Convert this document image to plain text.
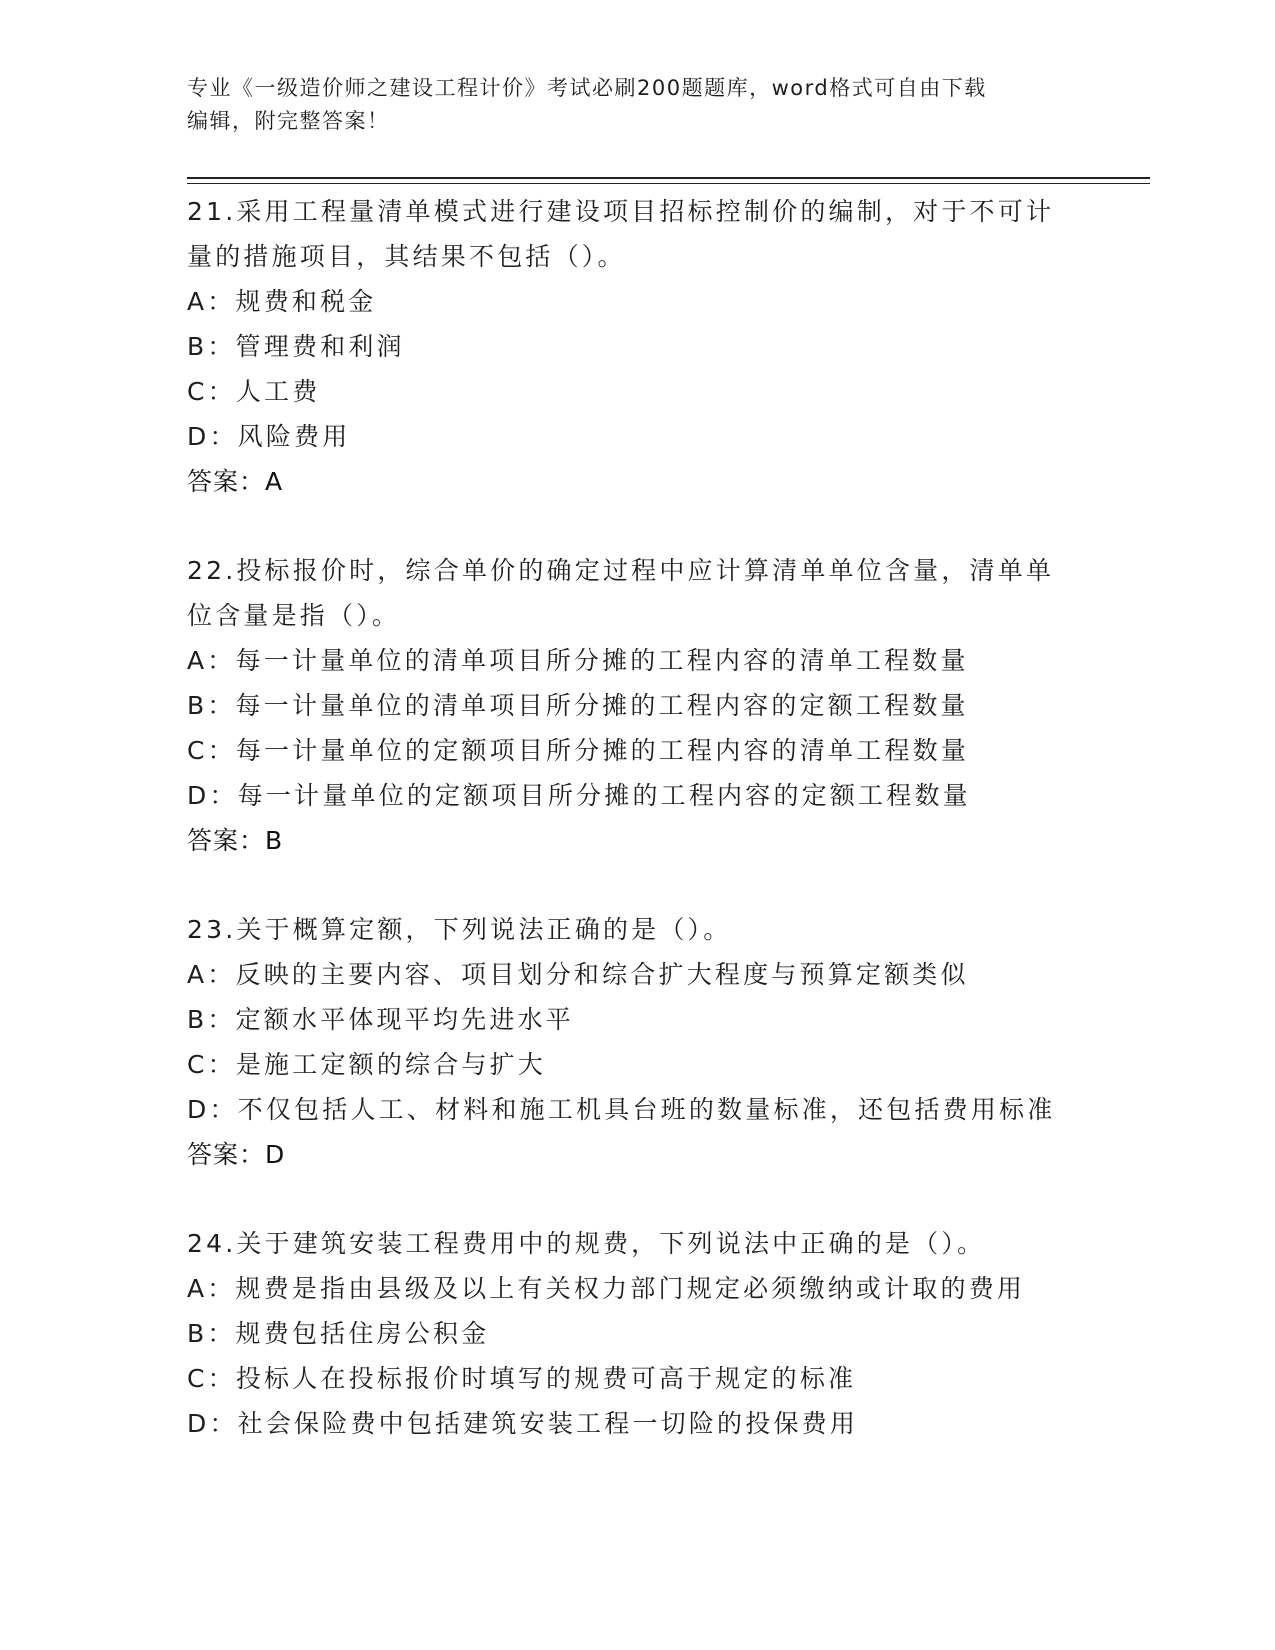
专业《一级造价师之建设工程计价》考试必刷200题题库，word格式可自由下载
编辑，附完整答案！
21.采用工程量清单模式进行建设项目招标控制价的编制，对于不可计
量的措施项目，其结果不包括（）。
A：规费和税金
B：管理费和利润
C：人工费
D：风险费用
答案：A
22.投标报价时，综合单价的确定过程中应计算清单单位含量，清单单
位含量是指（）。
A：每一计量单位的清单项目所分摊的工程内容的清单工程数量
B：每一计量单位的清单项目所分摊的工程内容的定额工程数量
C：每一计量单位的定额项目所分摊的工程内容的清单工程数量
D：每一计量单位的定额项目所分摊的工程内容的定额工程数量
答案：B
23.关于概算定额，下列说法正确的是（）。
A：反映的主要内容、项目划分和综合扩大程度与预算定额类似
B：定额水平体现平均先进水平
C：是施工定额的综合与扩大
D：不仅包括人工、材料和施工机具台班的数量标准，还包括费用标准
答案：D
24.关于建筑安装工程费用中的规费，下列说法中正确的是（）。
A：规费是指由县级及以上有关权力部门规定必须缴纳或计取的费用
B：规费包括住房公积金
C：投标人在投标报价时填写的规费可高于规定的标准
D：社会保险费中包括建筑安装工程一切险的投保费用
